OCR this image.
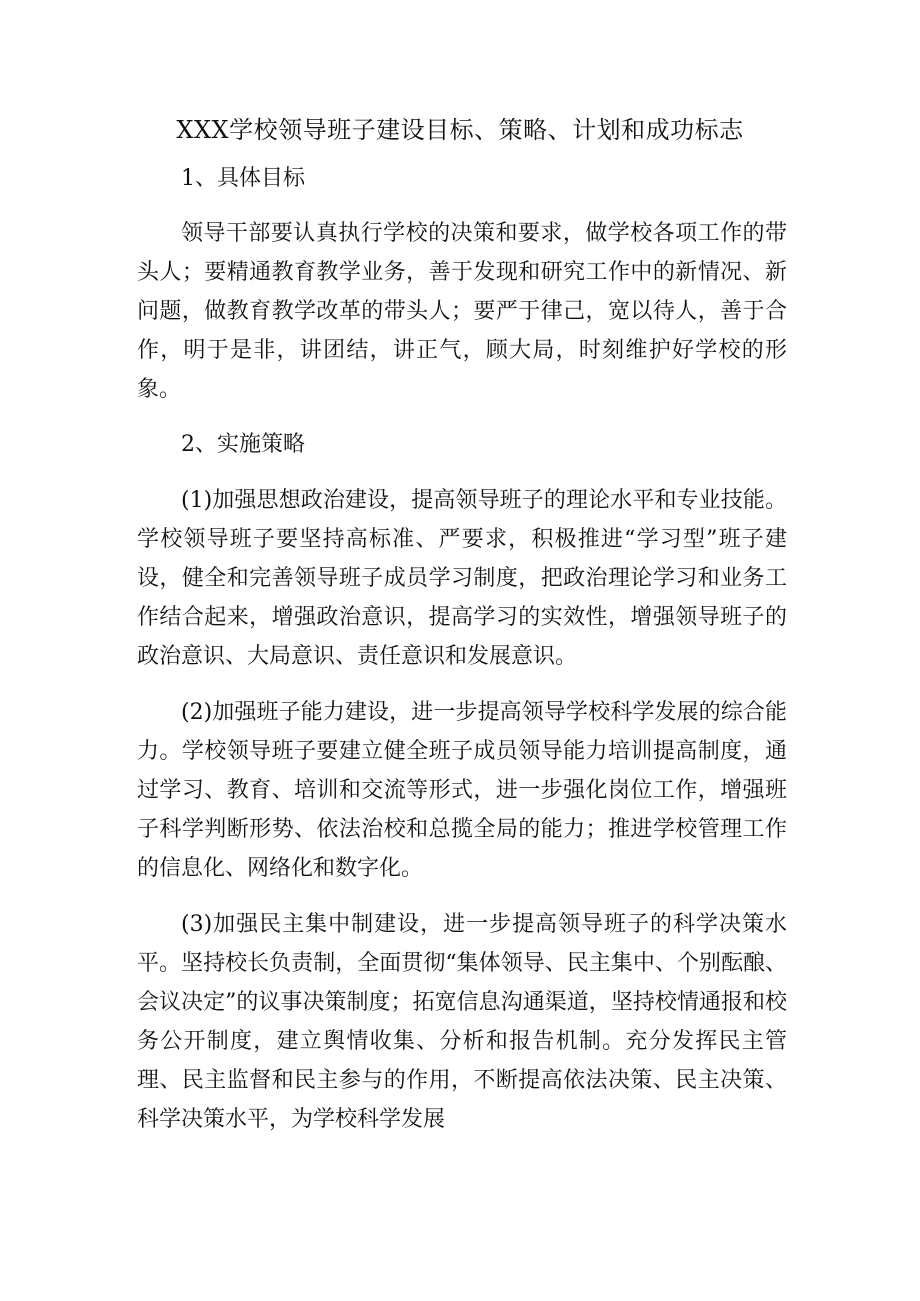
XXX学校领导班子建设目标、策略、计划和成功标志

1、具体目标

领导干部要认真执行学校的决策和要求，做学校各项工作的带头人；要精通教育教学业务，善于发现和研究工作中的新情况、新问题，做教育教学改革的带头人；要严于律己，宽以待人，善于合作，明于是非，讲团结，讲正气，顾大局，时刻维护好学校的形象。

2、实施策略

(1)加强思想政治建设，提高领导班子的理论水平和专业技能。学校领导班子要坚持高标准、严要求，积极推进“学习型”班子建设，健全和完善领导班子成员学习制度，把政治理论学习和业务工作结合起来，增强政治意识，提高学习的实效性，增强领导班子的政治意识、大局意识、责任意识和发展意识。

(2)加强班子能力建设，进一步提高领导学校科学发展的综合能力。学校领导班子要建立健全班子成员领导能力培训提高制度，通过学习、教育、培训和交流等形式，进一步强化岗位工作，增强班子科学判断形势、依法治校和总揽全局的能力；推进学校管理工作的信息化、网络化和数字化。

(3)加强民主集中制建设，进一步提高领导班子的科学决策水平。坚持校长负责制，全面贯彻“集体领导、民主集中、个别酝酿、会议决定”的议事决策制度；拓宽信息沟通渠道，坚持校情通报和校务公开制度，建立舆情收集、分析和报告机制。充分发挥民主管理、民主监督和民主参与的作用，不断提高依法决策、民主决策、科学决策水平，为学校科学发展
